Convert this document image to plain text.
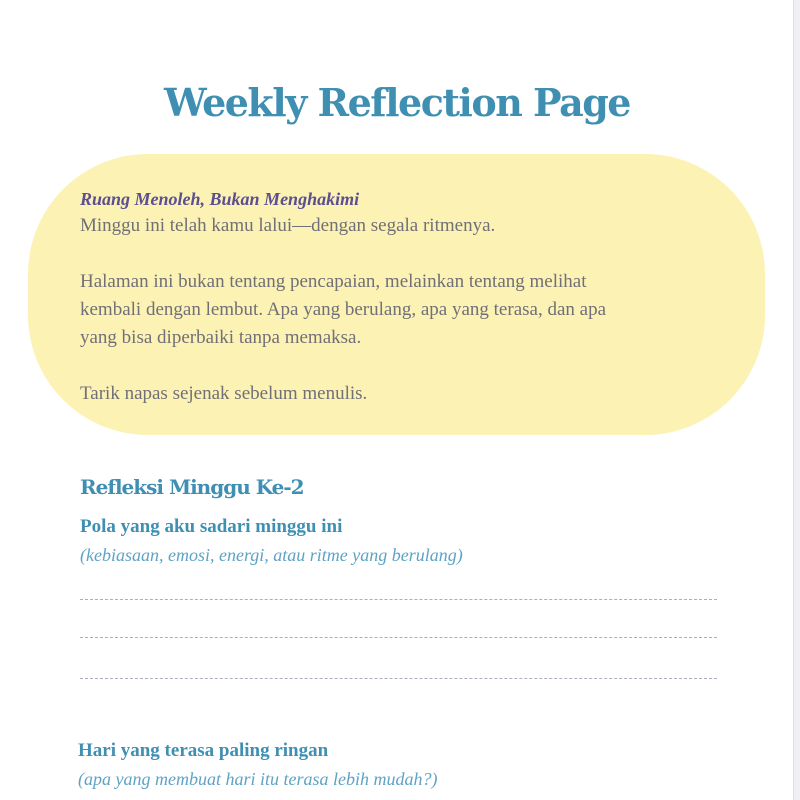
Weekly Reflection Page
Ruang Menoleh, Bukan Menghakimi

Minggu ini telah kamu lalui—dengan segala ritmenya.

Halaman ini bukan tentang pencapaian, melainkan tentang melihat

kembali dengan lembut. Apa yang berulang, apa yang terasa, dan apa

yang bisa diperbaiki tanpa memaksa.

Tarik napas sejenak sebelum menulis.

Refleksi Minggu Ke-2
Pola yang aku sadari minggu ini
(kebiasaan, emosi, energi, atau ritme yang berulang)
Hari yang terasa paling ringan
(apa yang membuat hari itu terasa lebih mudah?)
